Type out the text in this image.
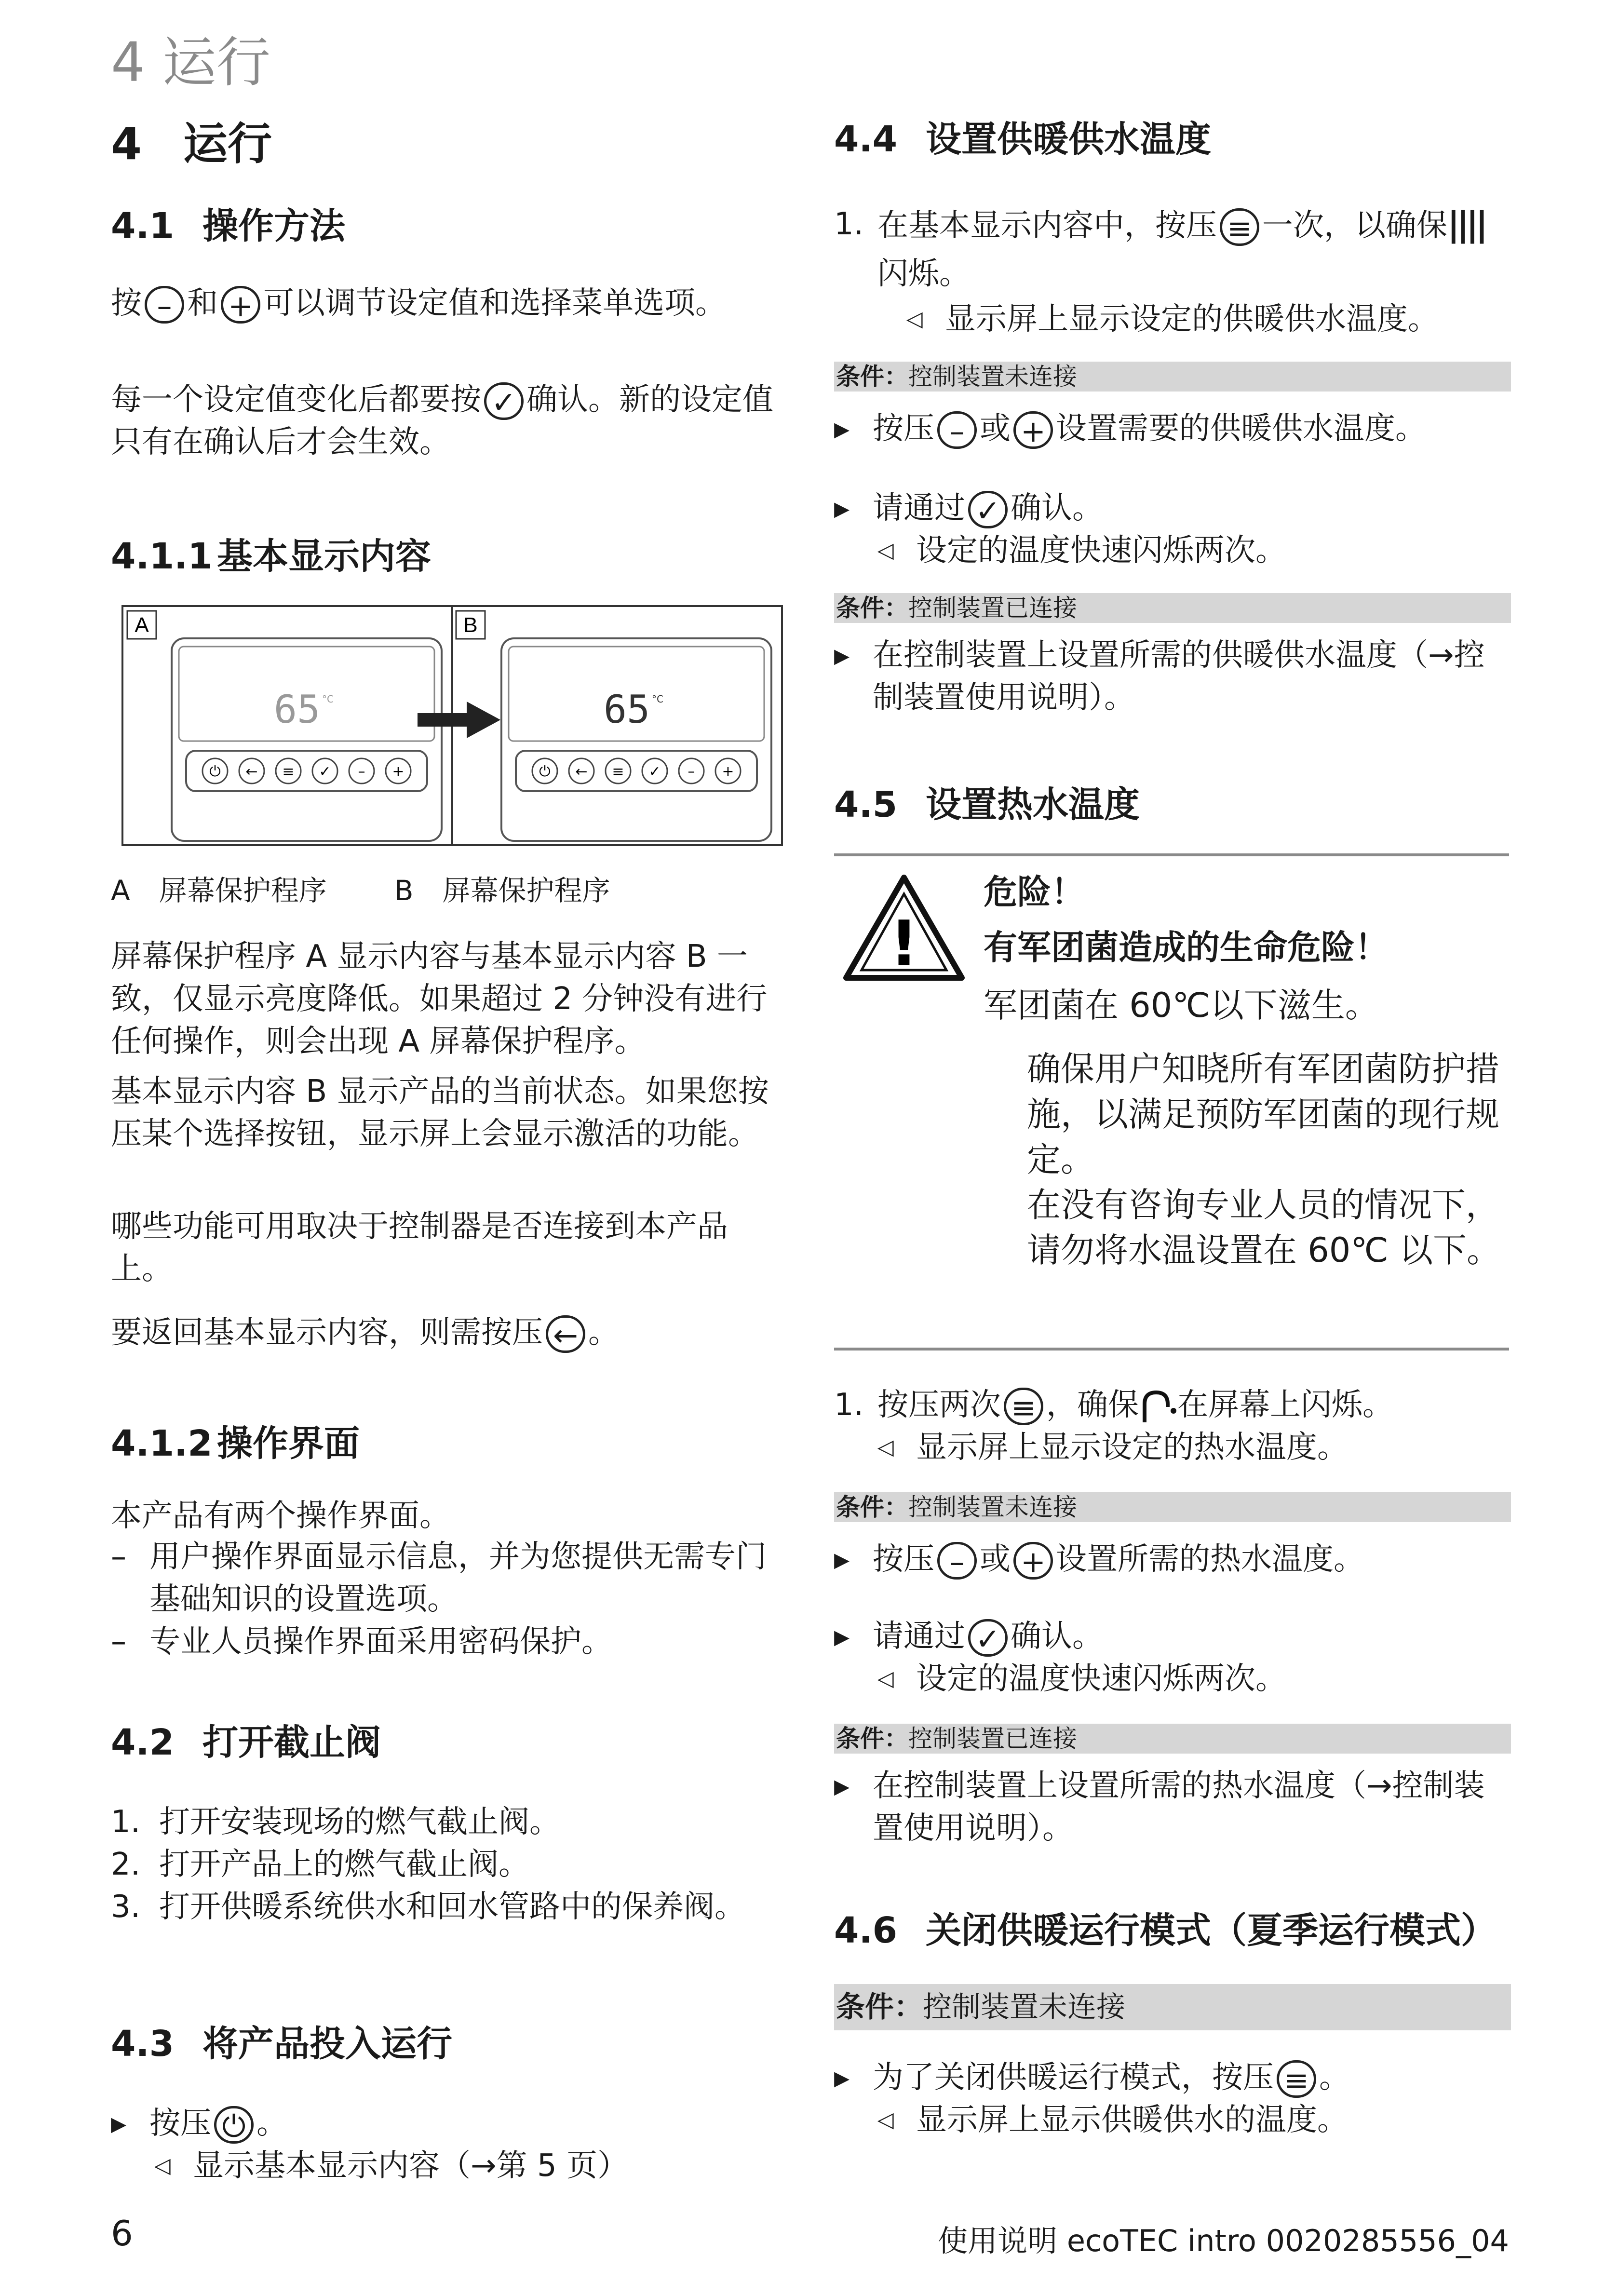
4 运行
4 运行
4.1 操作方法
按 – 和 + 可以调节设定值和选择菜单选项。
每一个设定值变化后都要按 ✓ 确认。新的设定值只有在确认后才会生效。
4.1.1 基本显示内容
A	B
65 °C	65 °C
⏻ ← ≡ ✓ – +	⏻ ← ≡ ✓ – +
A 屏幕保护程序 B 屏幕保护程序
屏幕保护程序 A 显示内容与基本显示内容 B 一致，仅显示亮度降低。如果超过 2 分钟没有进行任何操作，则会出现 A 屏幕保护程序。
基本显示内容 B 显示产品的当前状态。如果您按压某个选择按钮，显示屏上会显示激活的功能。
哪些功能可用取决于控制器是否连接到本产品上。
要返回基本显示内容，则需按压 ← 。
4.1.2 操作界面
本产品有两个操作界面。
– 用户操作界面显示信息，并为您提供无需专门基础知识的设置选项。
– 专业人员操作界面采用密码保护。
4.2 打开截止阀
1. 打开安装现场的燃气截止阀。
2. 打开产品上的燃气截止阀。
3. 打开供暖系统供水和回水管路中的保养阀。
4.3 将产品投入运行
▸ 按压 ⏻ 。
◁ 显示基本显示内容（→第 5 页）
4.4 设置供暖供水温度
1. 在基本显示内容中，按压 ≡ 一次，以确保||||闪烁。
◁ 显示屏上显示设定的供暖供水温度。
条件：控制装置未连接
▸ 按压 – 或 + 设置需要的供暖供水温度。
▸ 请通过 ✓ 确认。
◁ 设定的温度快速闪烁两次。
条件：控制装置已连接
▸ 在控制装置上设置所需的供暖供水温度（→控制装置使用说明）。
4.5 设置热水温度
!
危险！
有军团菌造成的生命危险！
军团菌在 60℃以下滋生。
确保用户知晓所有军团菌防护措施，以满足预防军团菌的现行规定。
在没有咨询专业人员的情况下，请勿将水温设置在 60℃ 以下。
1. 按压两次 ≡ ，确保 在屏幕上闪烁。
◁ 显示屏上显示设定的热水温度。
条件：控制装置未连接
▸ 按压 – 或 + 设置所需的热水温度。
▸ 请通过 ✓ 确认。
◁ 设定的温度快速闪烁两次。
条件：控制装置已连接
▸ 在控制装置上设置所需的热水温度（→控制装置使用说明）。
4.6 关闭供暖运行模式（夏季运行模式）
条件：控制装置未连接
▸ 为了关闭供暖运行模式，按压 ≡ 。
◁ 显示屏上显示供暖供水的温度。
6	使用说明 ecoTEC intro 0020285556_04
